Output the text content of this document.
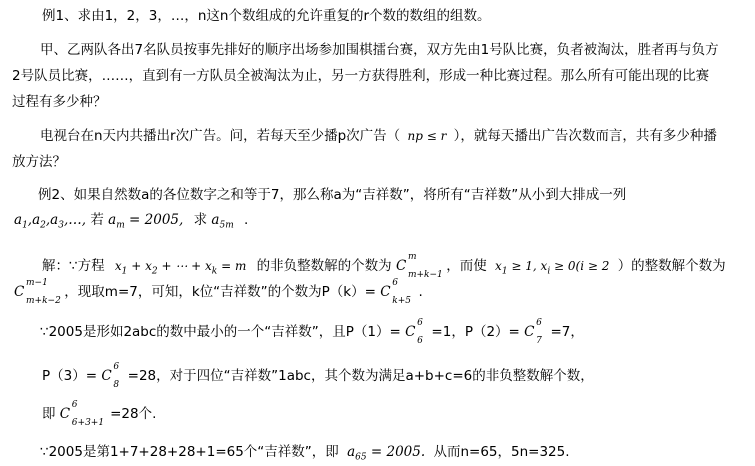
例1、求由1，2，3，…，n这n个数组成的允许重复的r个数的数组的组数。
甲、乙两队各出7名队员按事先排好的顺序出场参加围棋擂台赛，双方先由1号队比赛，负者被淘汰，胜者再与负方
2号队员比赛，……，直到有一方队员全被淘汰为止，另一方获得胜利，形成一种比赛过程。那么所有可能出现的比赛
过程有多少种？
电视台在n天内共播出r次广告。问，若每天至少播p次广告（ np ≤ r ），就每天播出广告次数而言，共有多少种播
放方法？
例2、如果自然数a的各位数字之和等于7，那么称a为“吉祥数”，将所有“吉祥数”从小到大排成一列
$a_1,a_2,a_3,\dots$, 若 $a_m = 2005$, 求 $a_{5m}$ .
解：∵方程 $x_1 + x_2$ + ⋯ + $x_k = m$ 的非负整数解的个数为 C
m
m+k−1
，而使 $x_1 \ge 1$, $x_i \ge 0(i \ge 2$ ）的整数解个数为
C
m−1
m+k−2
，现取m=7，可知，k位“吉祥数”的个数为P（k）= C
6
k+5
.
∵2005是形如2abc的数中最小的一个“吉祥数”，且P（1）= C
6
6
=1，P（2）= C
6
7
=7，
P（3）= C
6
8
=28，对于四位“吉祥数”1abc，其个数为满足a+b+c=6的非负整数解个数，
即 C
6
6+3+1
=28个.
∵2005是第1+7+28+28+1=65个“吉祥数”，即 $a_{65} = 2005$. 从而n=65，5n=325.
